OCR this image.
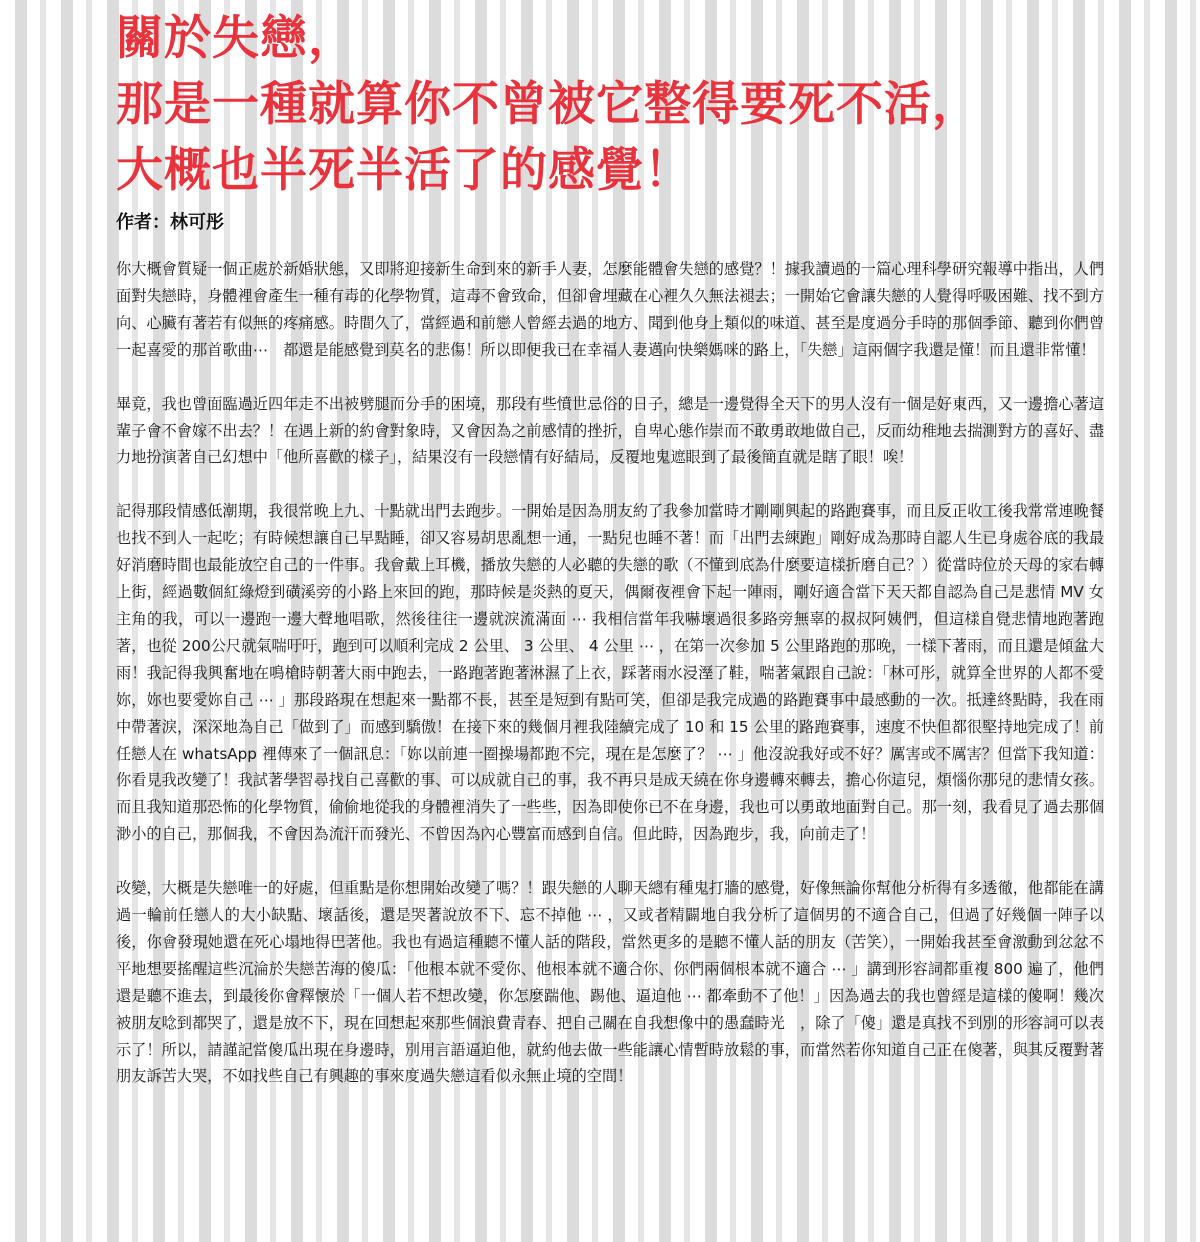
關於失戀，
那是一種就算你不曾被它整得要死不活，
大概也半死半活了的感覺！
作者：林可彤

你大概會質疑一個正處於新婚狀態，又即將迎接新生命到來的新手人妻，怎麼能體會失戀的感覺？！據我讀過的一篇心理科學研究報導中指出，人們面對失戀時，身體裡會產生一種有毒的化學物質，這毒不會致命，但卻會埋藏在心裡久久無法褪去；一開始它會讓失戀的人覺得呼吸困難、找不到方向、心臟有著若有似無的疼痛感。時間久了，當經過和前戀人曾經去過的地方、聞到他身上類似的味道、甚至是度過分手時的那個季節、聽到你們曾一起喜愛的那首歌曲⋯　都還是能感覺到莫名的悲傷！所以即便我已在幸福人妻邁向快樂媽咪的路上，「失戀」這兩個字我還是懂！而且還非常懂！

畢竟，我也曾面臨過近四年走不出被劈腿而分手的困境，那段有些憤世忌俗的日子，總是一邊覺得全天下的男人沒有一個是好東西，又一邊擔心著這輩子會不會嫁不出去？！在遇上新的約會對象時，又會因為之前感情的挫折，自卑心態作崇而不敢勇敢地做自己，反而幼稚地去揣測對方的喜好、盡力地扮演著自己幻想中「他所喜歡的樣子」，結果沒有一段戀情有好結局，反覆地鬼遮眼到了最後簡直就是瞎了眼！唉！

記得那段情感低潮期，我很常晚上九、十點就出門去跑步。一開始是因為朋友約了我參加當時才剛剛興起的路跑賽事，而且反正收工後我常常連晚餐也找不到人一起吃；有時候想讓自己早點睡，卻又容易胡思亂想一通，一點兒也睡不著！而「出門去練跑」剛好成為那時自認人生已身處谷底的我最好消磨時間也最能放空自己的一件事。我會戴上耳機，播放失戀的人必聽的失戀的歌（不懂到底為什麼要這樣折磨自己？）從當時位於天母的家右轉上街，經過數個紅綠燈到磺溪旁的小路上來回的跑，那時候是炎熱的夏天，偶爾夜裡會下起一陣雨，剛好適合當下天天都自認為自己是悲情 MV 女主角的我，可以一邊跑一邊大聲地唱歌，然後往往一邊就淚流滿面 ⋯ 我相信當年我嚇壞過很多路旁無辜的叔叔阿姨們，但這樣自覺悲情地跑著跑著，也從 200公尺就氣喘吁吁，跑到可以順利完成 2 公里、 3 公里、 4 公里 ⋯ ，在第一次參加 5 公里路跑的那晚，一樣下著雨，而且還是傾盆大雨！我記得我興奮地在鳴槍時朝著大雨中跑去，一路跑著跑著淋濕了上衣，踩著雨水浸溼了鞋，喘著氣跟自己說：「林可彤，就算全世界的人都不愛妳，妳也要愛妳自己 ⋯ 」那段路現在想起來一點都不長，甚至是短到有點可笑，但卻是我完成過的路跑賽事中最感動的一次。抵達終點時，我在雨中帶著淚，深深地為自己「做到了」而感到驕傲！在接下來的幾個月裡我陸續完成了 10 和 15 公里的路跑賽事，速度不快但都很堅持地完成了！前任戀人在 whatsApp 裡傳來了一個訊息：「妳以前連一圈操場都跑不完，現在是怎麼了？ ⋯ 」他沒說我好或不好？厲害或不厲害？但當下我知道：你看見我改變了！我試著學習尋找自己喜歡的事、可以成就自己的事，我不再只是成天繞在你身邊轉來轉去，擔心你這兒，煩惱你那兒的悲情女孩。而且我知道那恐怖的化學物質，偷偷地從我的身體裡消失了一些些，因為即使你已不在身邊，我也可以勇敢地面對自己。那一刻，我看見了過去那個渺小的自己，那個我，不會因為流汗而發光、不曾因為內心豐富而感到自信。但此時，因為跑步，我，向前走了！

改變，大概是失戀唯一的好處，但重點是你想開始改變了嗎？！跟失戀的人聊天總有種鬼打牆的感覺，好像無論你幫他分析得有多透徹，他都能在講過一輪前任戀人的大小缺點、壞話後，還是哭著說放不下、忘不掉他 ⋯ ，又或者精闢地自我分析了這個男的不適合自己，但過了好幾個一陣子以後，你會發現她還在死心塌地得巴著他。我也有過這種聽不懂人話的階段，當然更多的是聽不懂人話的朋友（苦笑），一開始我甚至會激動到忿忿不平地想要搖醒這些沉淪於失戀苦海的傻瓜：「他根本就不愛你、他根本就不適合你、你們兩個根本就不適合 ⋯ 」講到形容詞都重複 800 遍了，他們還是聽不進去，到最後你會釋懷於「一個人若不想改變，你怎麼踹他、踢他、逼迫他 ⋯ 都牽動不了他！」因為過去的我也曾經是這樣的傻啊！幾次被朋友唸到都哭了，還是放不下，現在回想起來那些個浪費青春、把自己關在自我想像中的愚蠢時光　，除了「傻」還是真找不到別的形容詞可以表示了！所以，請謹記當傻瓜出現在身邊時，別用言語逼迫他，就約他去做一些能讓心情暫時放鬆的事，而當然若你知道自己正在傻著，與其反覆對著朋友訴苦大哭，不如找些自己有興趣的事來度過失戀這看似永無止境的空間！
